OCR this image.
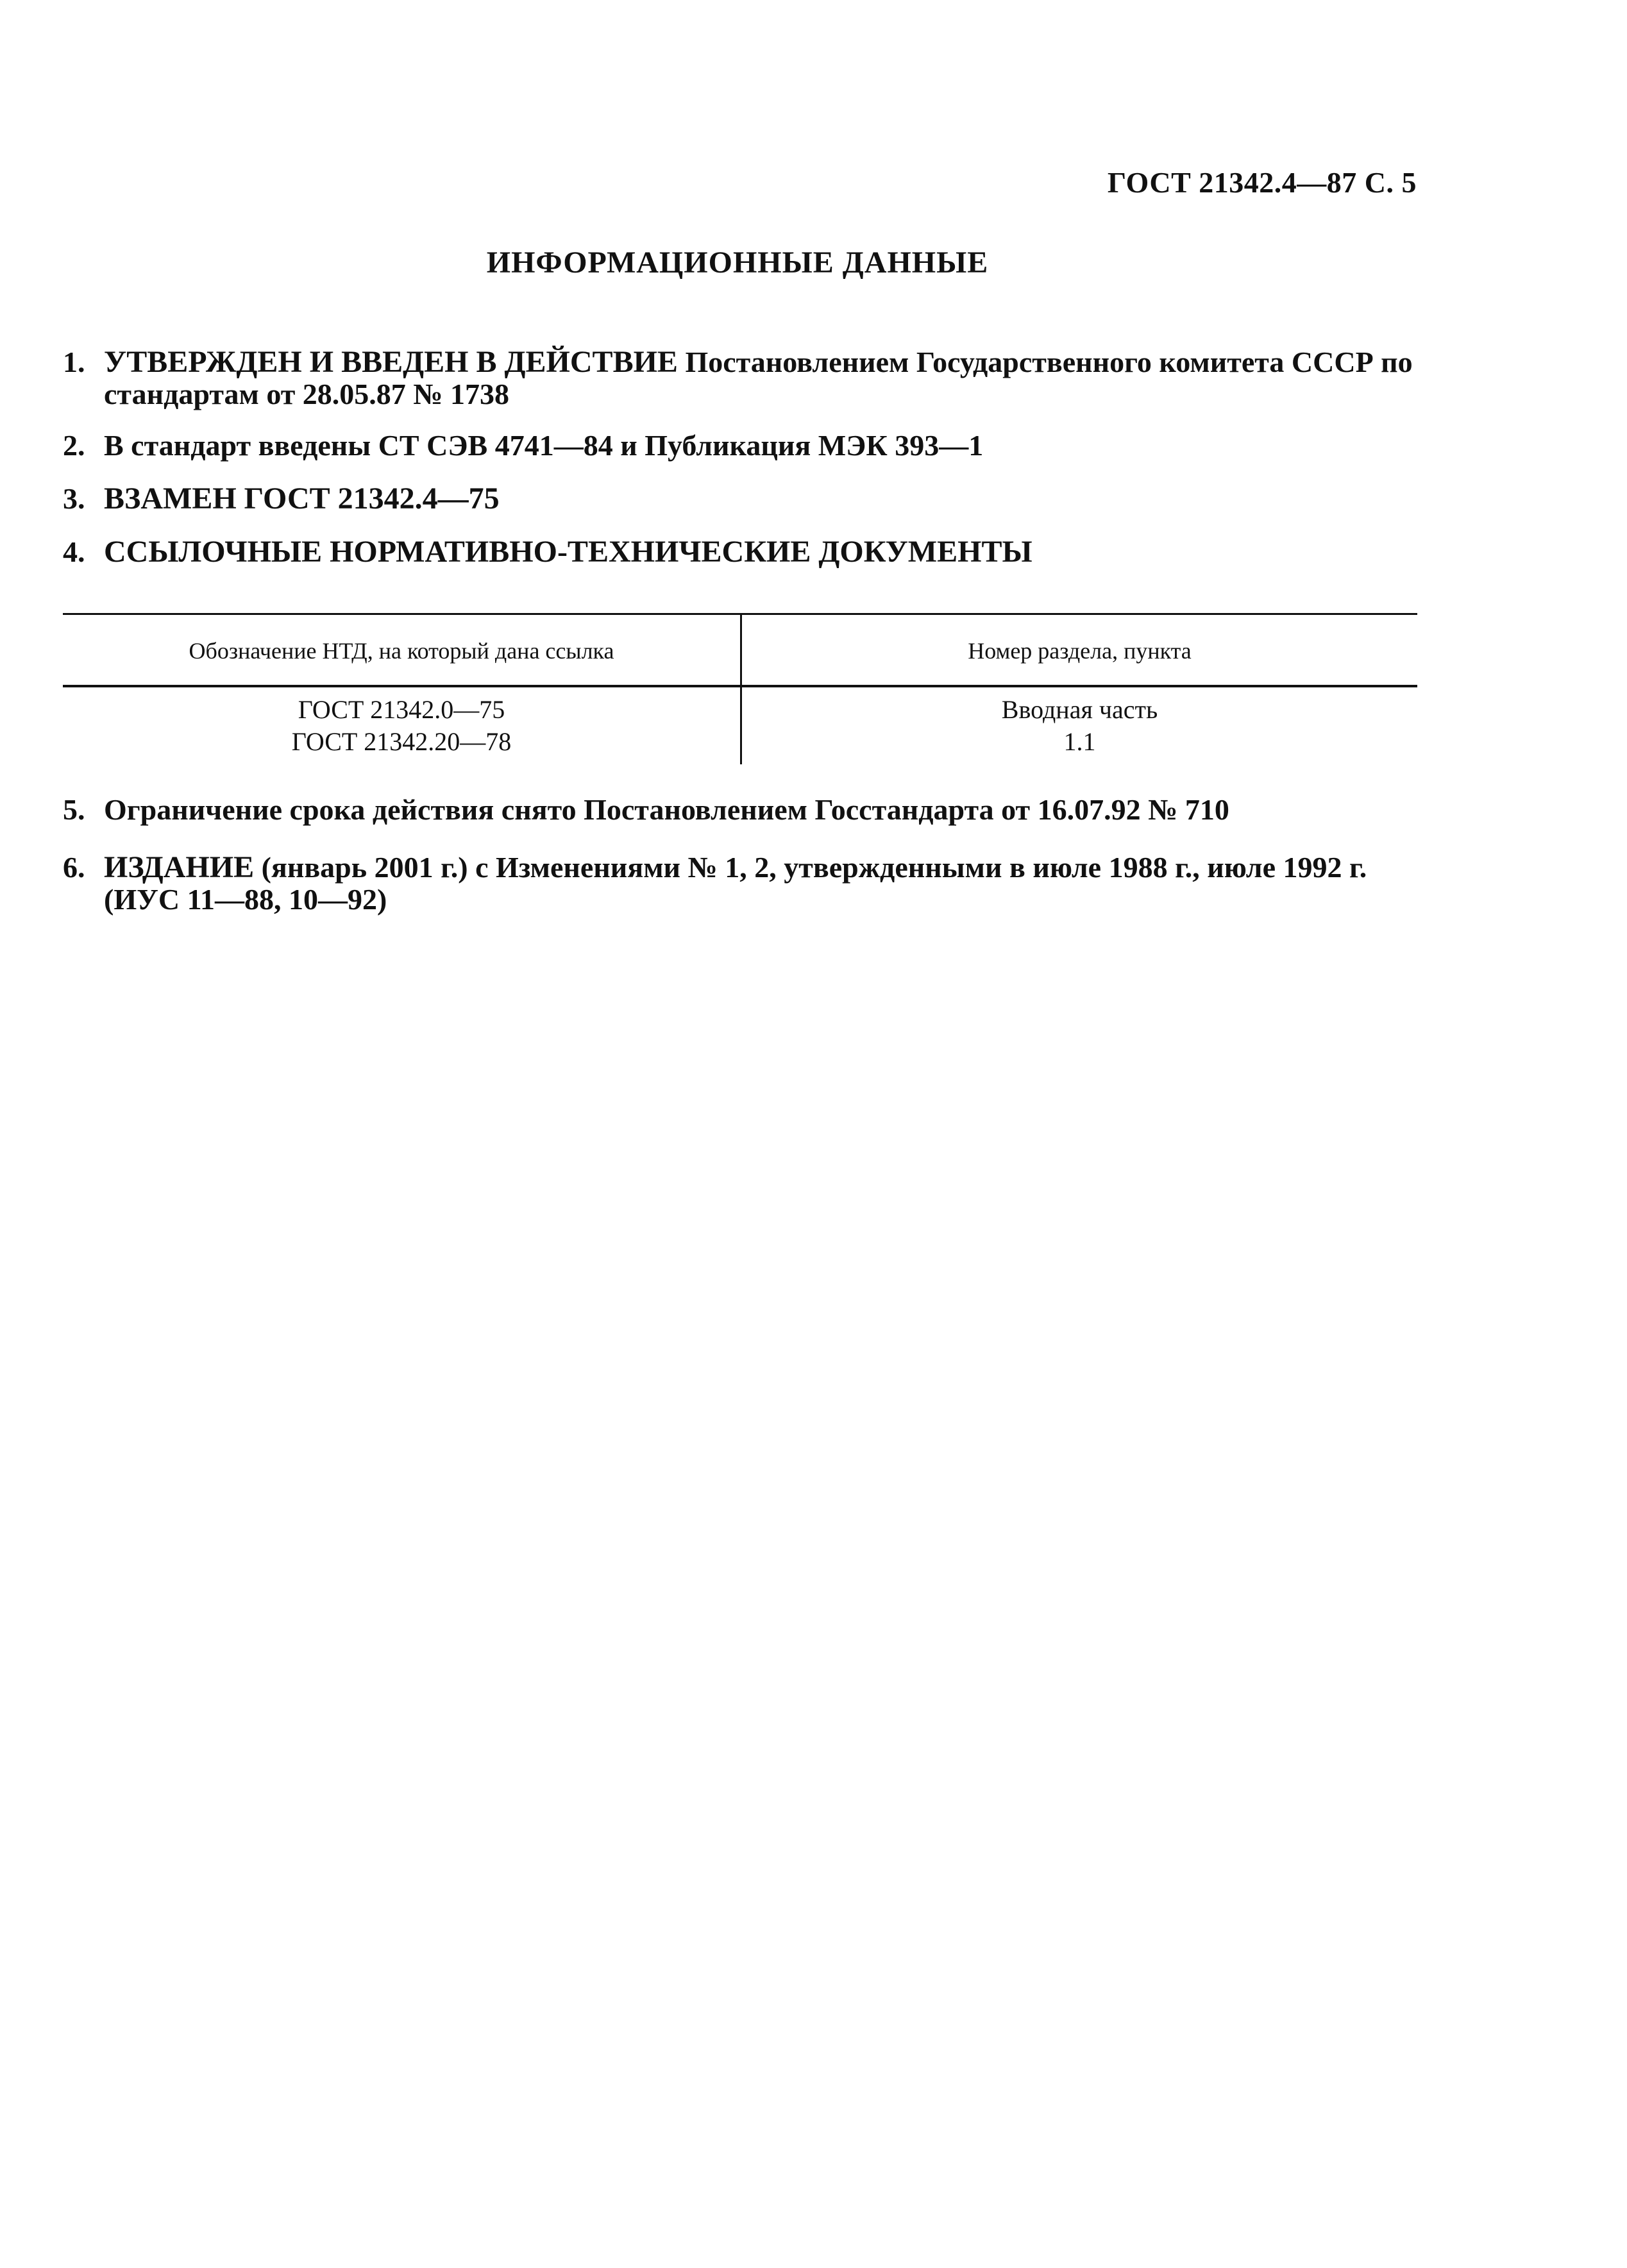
ГОСТ 21342.4—87 С. 5
ИНФОРМАЦИОННЫЕ ДАННЫЕ
1. УТВЕРЖДЕН И ВВЕДЕН В ДЕЙСТВИЕ Постановлением Государственного комитета СССР по стандартам от 28.05.87 № 1738
2. В стандарт введены СТ СЭВ 4741—84 и Публикация МЭК 393—1
3. ВЗАМЕН ГОСТ 21342.4—75
4. ССЫЛОЧНЫЕ НОРМАТИВНО-ТЕХНИЧЕСКИЕ ДОКУМЕНТЫ
Обозначение НТД, на который дана ссылка	Номер раздела, пункта
ГОСТ 21342.0—75
ГОСТ 21342.20—78
Вводная часть
1.1
5. Ограничение срока действия снято Постановлением Госстандарта от 16.07.92 № 710
6. ИЗДАНИЕ (январь 2001 г.) с Изменениями № 1, 2, утвержденными в июле 1988 г., июле 1992 г. (ИУС 11—88, 10—92)
